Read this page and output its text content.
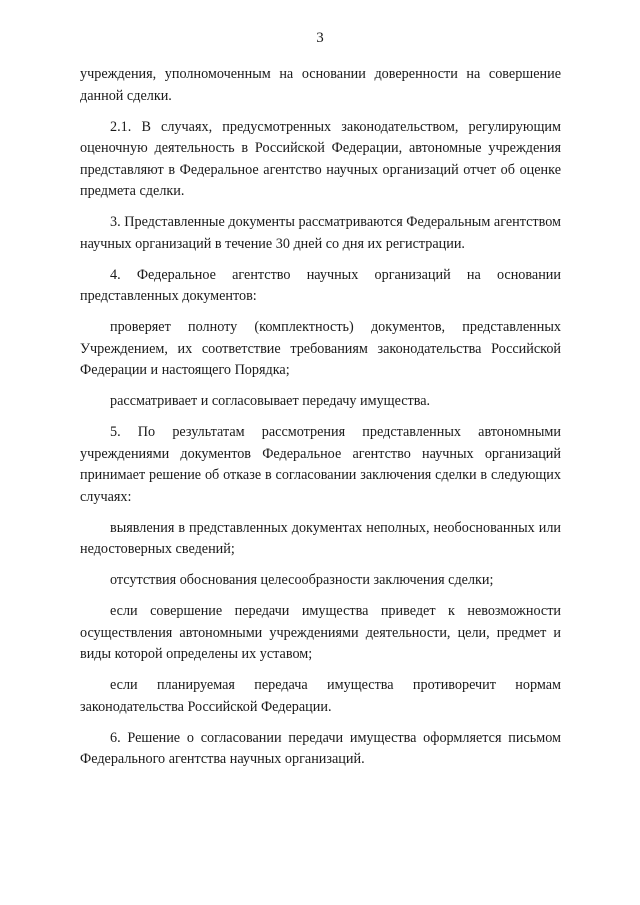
3

учреждения, уполномоченным на основании доверенности на совершение данной сделки.

2.1. В случаях, предусмотренных законодательством, регулирующим оценочную деятельность в Российской Федерации, автономные учреждения представляют в Федеральное агентство научных организаций отчет об оценке предмета сделки.

3. Представленные документы рассматриваются Федеральным агентством научных организаций в течение 30 дней со дня их регистрации.

4. Федеральное агентство научных организаций на основании представленных документов:

проверяет полноту (комплектность) документов, представленных Учреждением, их соответствие требованиям законодательства Российской Федерации и настоящего Порядка;

рассматривает и согласовывает передачу имущества.

5. По результатам рассмотрения представленных автономными учреждениями документов Федеральное агентство научных организаций принимает решение об отказе в согласовании заключения сделки в следующих случаях:

выявления в представленных документах неполных, необоснованных или недостоверных сведений;

отсутствия обоснования целесообразности заключения сделки;

если совершение передачи имущества приведет к невозможности осуществления автономными учреждениями деятельности, цели, предмет и виды которой определены их уставом;

если планируемая передача имущества противоречит нормам законодательства Российской Федерации.

6. Решение о согласовании передачи имущества оформляется письмом Федерального агентства научных организаций.
